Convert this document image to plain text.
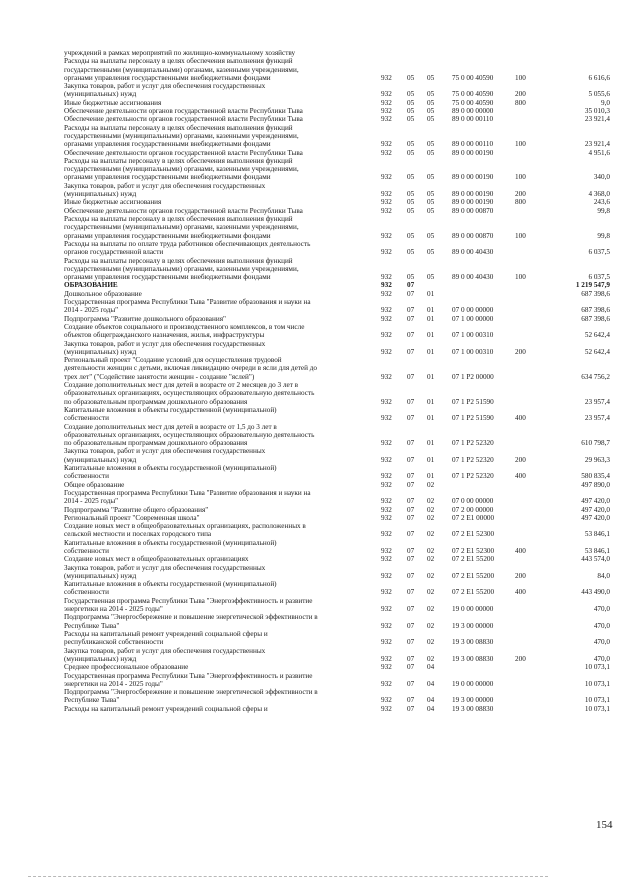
учреждений в рамках мероприятий по жилищно-коммунальному хозяйству
Расходы на выплаты персоналу в целях обеспечения выполнения функций
государственными (муниципальными) органами, казенными учреждениями,
органами управления государственными внебюджетными фондами	932 05 05 75 0 00 40590	100	6 616,6
Закупка товаров, работ и услуг для обеспечения государственных
(муниципальных) нужд	932 05 05 75 0 00 40590	200	5 055,6
Иные бюджетные ассигнования	932 05 05 75 0 00 40590	800	9,0
Обеспечение деятельности органов государственной власти Республики Тыва	932 05 05 89 0 00 00000	35 010,3
Обеспечение деятельности органов государственной власти Республики Тыва	932 05 05 89 0 00 00110	23 921,4
Расходы на выплаты персоналу в целях обеспечения выполнения функций
государственными (муниципальными) органами, казенными учреждениями,
органами управления государственными внебюджетными фондами	932 05 05 89 0 00 00110	100	23 921,4
Обеспечение деятельности органов государственной власти Республики Тыва	932 05 05 89 0 00 00190	4 951,6
Расходы на выплаты персоналу в целях обеспечения выполнения функций
государственными (муниципальными) органами, казенными учреждениями,
органами управления государственными внебюджетными фондами	932 05 05 89 0 00 00190	100	340,0
Закупка товаров, работ и услуг для обеспечения государственных
(муниципальных) нужд	932 05 05 89 0 00 00190	200	4 368,0
Иные бюджетные ассигнования	932 05 05 89 0 00 00190	800	243,6
Обеспечение деятельности органов государственной власти Республики Тыва	932 05 05 89 0 00 00870	99,8
Расходы на выплаты персоналу в целях обеспечения выполнения функций
государственными (муниципальными) органами, казенными учреждениями,
органами управления государственными внебюджетными фондами	932 05 05 89 0 00 00870	100	99,8
Расходы на выплаты по оплате труда работников обеспечивающих деятельность
органов государственной власти	932 05 05 89 0 00 40430	6 037,5
Расходы на выплаты персоналу в целях обеспечения выполнения функций
государственными (муниципальными) органами, казенными учреждениями,
органами управления государственными внебюджетными фондами	932 05 05 89 0 00 40430	100	6 037,5
ОБРАЗОВАНИЕ	932 07	1 219 547,9
Дошкольное образование	932 07 01	687 398,6
Государственная программа Республики Тыва "Развитие образования и науки на
2014 - 2025 годы"	932 07 01 07 0 00 00000	687 398,6
Подпрограмма "Развитие дошкольного образования"	932 07 01 07 1 00 00000	687 398,6
Создание объектов социального и производственного комплексов, в том числе
объектов общегражданского назначения, жилья, инфраструктуры	932 07 01 07 1 00 00310	52 642,4
Закупка товаров, работ и услуг для обеспечения государственных
(муниципальных) нужд	932 07 01 07 1 00 00310	200	52 642,4
Региональный проект "Создание условий для осуществления трудовой
деятельности женщин с детьми, включая ликвидацию очереди в ясли для детей до
трех лет" ("Содействие занятости женщин - создание "яслей")	932 07 01 07 1 P2 00000	634 756,2
Создание дополнительных мест для детей в возрасте от 2 месяцев до 3 лет в
образовательных организациях, осуществляющих образовательную деятельность
по образовательным программам дошкольного образования	932 07 01 07 1 P2 51590	23 957,4
Капитальные вложения в объекты государственной (муниципальной)
собственности	932 07 01 07 1 P2 51590	400	23 957,4
Создание дополнительных мест для детей в возрасте от 1,5 до 3 лет в
образовательных организациях, осуществляющих образовательную деятельность
по образовательным программам дошкольного образования	932 07 01 07 1 P2 52320	610 798,7
Закупка товаров, работ и услуг для обеспечения государственных
(муниципальных) нужд	932 07 01 07 1 P2 52320	200	29 963,3
Капитальные вложения в объекты государственной (муниципальной)
собственности	932 07 01 07 1 P2 52320	400	580 835,4
Общее образование	932 07 02	497 890,0
Государственная программа Республики Тыва "Развитие образования и науки на
2014 - 2025 годы"	932 07 02 07 0 00 00000	497 420,0
Подпрограмма "Развитие общего образования"	932 07 02 07 2 00 00000	497 420,0
Региональный проект "Современная школа"	932 07 02 07 2 E1 00000	497 420,0
Создание новых мест в общеобразовательных организациях, расположенных в
сельской местности и поселках городского типа	932 07 02 07 2 E1 52300	53 846,1
Капитальные вложения в объекты государственной (муниципальной)
собственности	932 07 02 07 2 E1 52300	400	53 846,1
Создание новых мест в общеобразовательных организациях	932 07 02 07 2 E1 55200	443 574,0
Закупка товаров, работ и услуг для обеспечения государственных
(муниципальных) нужд	932 07 02 07 2 E1 55200	200	84,0
Капитальные вложения в объекты государственной (муниципальной)
собственности	932 07 02 07 2 E1 55200	400	443 490,0
Государственная программа Республики Тыва "Энергоэффективность и развитие
энергетики на 2014 - 2025 годы"	932 07 02 19 0 00 00000	470,0
Подпрограмма "Энергосбережение и повышение энергетической эффективности в
Республике Тыва"	932 07 02 19 3 00 00000	470,0
Расходы на капитальный ремонт учреждений социальной сферы и
республиканской собственности	932 07 02 19 3 00 08830	470,0
Закупка товаров, работ и услуг для обеспечения государственных
(муниципальных) нужд	932 07 02 19 3 00 08830	200	470,0
Среднее профессиональное образование	932 07 04	10 073,1
Государственная программа Республики Тыва "Энергоэффективность и развитие
энергетики на 2014 - 2025 годы"	932 07 04 19 0 00 00000	10 073,1
Подпрограмма "Энергосбережение и повышение энергетической эффективности в
Республике Тыва"	932 07 04 19 3 00 00000	10 073,1
Расходы на капитальный ремонт учреждений социальной сферы и	932 07 04 19 3 00 08830	10 073,1
154
